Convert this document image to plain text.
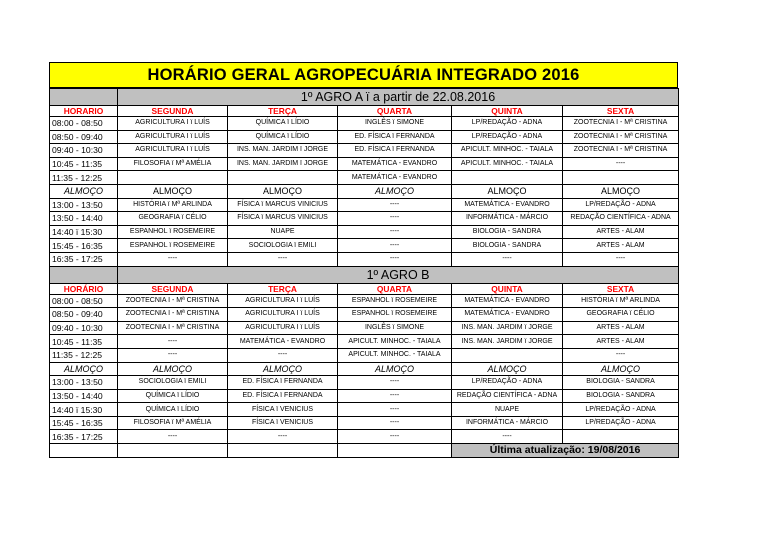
HORÁRIO GERAL AGROPECUÁRIA INTEGRADO 2016
	1º AGRO A ï a partir de 22.08.2016				
HORARIO	SEGUNDA	TERÇA	QUARTA	QUINTA	SEXTA
08:00 - 08:50	AGRICULTURA I ï LUÍS	QUÍMICA ï LÍDIO	INGLÊS ï SIMONE	LP/REDAÇÃO - ADNA	ZOOTECNIA I - Mª CRISTINA
08:50 - 09:40	AGRICULTURA I ï LUÍS	QUÍMICA ï LÍDIO	ED. FÍSICA ï FERNANDA	LP/REDAÇÃO - ADNA	ZOOTECNIA I - Mª CRISTINA
09:40 - 10:30	AGRICULTURA I ï LUÍS	INS. MAN. JARDIM ï JORGE	ED. FÍSICA ï FERNANDA	APICULT. MINHOC. - TAIALA	ZOOTECNIA I - Mª CRISTINA
10:45 - 11:35	FILOSOFIA ï Mª AMÉLIA	INS. MAN. JARDIM ï JORGE	MATEMÁTICA - EVANDRO	APICULT. MINHOC. - TAIALA	----
11:35 - 12:25			MATEMÁTICA - EVANDRO		
ALMOÇO	ALMOÇO	ALMOÇO	ALMOÇO	ALMOÇO	ALMOÇO
13:00 - 13:50	HISTÓRIA ï Mª ARLINDA	FÍSICA ï MARCUS VINICIUS	----	MATEMÁTICA - EVANDRO	LP/REDAÇÃO - ADNA
13:50 - 14:40	GEOGRAFIA ï CÉLIO	FÍSICA ï MARCUS VINICIUS	----	INFORMÁTICA - MÁRCIO	REDAÇÃO CIENTÍFICA - ADNA
14:40 ï 15:30	ESPANHOL ï ROSEMEIRE	NUAPE	----	BIOLOGIA - SANDRA	ARTES - ALAM
15:45 - 16:35	ESPANHOL ï ROSEMEIRE	SOCIOLOGIA ï EMILI	----	BIOLOGIA - SANDRA	ARTES - ALAM
16:35 - 17:25	----	----	----	----	----
	1º AGRO B				
HORÁRIO	SEGUNDA	TERÇA	QUARTA	QUINTA	SEXTA
08:00 - 08:50	ZOOTECNIA I - Mª CRISTINA	AGRICULTURA I ï LUÍS	ESPANHOL ï ROSEMEIRE	MATEMÁTICA - EVANDRO	HISTÓRIA ï Mª ARLINDA
08:50 - 09:40	ZOOTECNIA I - Mª CRISTINA	AGRICULTURA I ï LUÍS	ESPANHOL ï ROSEMEIRE	MATEMÁTICA - EVANDRO	GEOGRAFIA ï CÉLIO
09:40 - 10:30	ZOOTECNIA I - Mª CRISTINA	AGRICULTURA I ï LUÍS	INGLÊS ï SIMONE	INS. MAN. JARDIM ï JORGE	ARTES - ALAM
10:45 - 11:35	----	MATEMÁTICA - EVANDRO	APICULT. MINHOC. - TAIALA	INS. MAN. JARDIM ï JORGE	ARTES - ALAM
11:35 - 12:25	----	----	APICULT. MINHOC. - TAIALA		----
ALMOÇO	ALMOÇO	ALMOÇO	ALMOÇO	ALMOÇO	ALMOÇO
13:00 - 13:50	SOCIOLOGIA ï EMILI	ED. FÍSICA ï FERNANDA	----	LP/REDAÇÃO - ADNA	BIOLOGIA - SANDRA
13:50 - 14:40	QUÍMICA ï LÍDIO	ED. FÍSICA ï FERNANDA	----	REDAÇÃO CIENTÍFICA - ADNA	BIOLOGIA - SANDRA
14:40 ï 15:30	QUÍMICA ï LÍDIO	FÍSICA ï VENICIUS	----	NUAPE	LP/REDAÇÃO - ADNA
15:45 - 16:35	FILOSOFIA ï Mª AMÉLIA	FÍSICA ï VENICIUS	----	INFORMÁTICA - MÁRCIO	LP/REDAÇÃO - ADNA
16:35 - 17:25	----	----	----	----	
				Última atualização: 19/08/2016	
